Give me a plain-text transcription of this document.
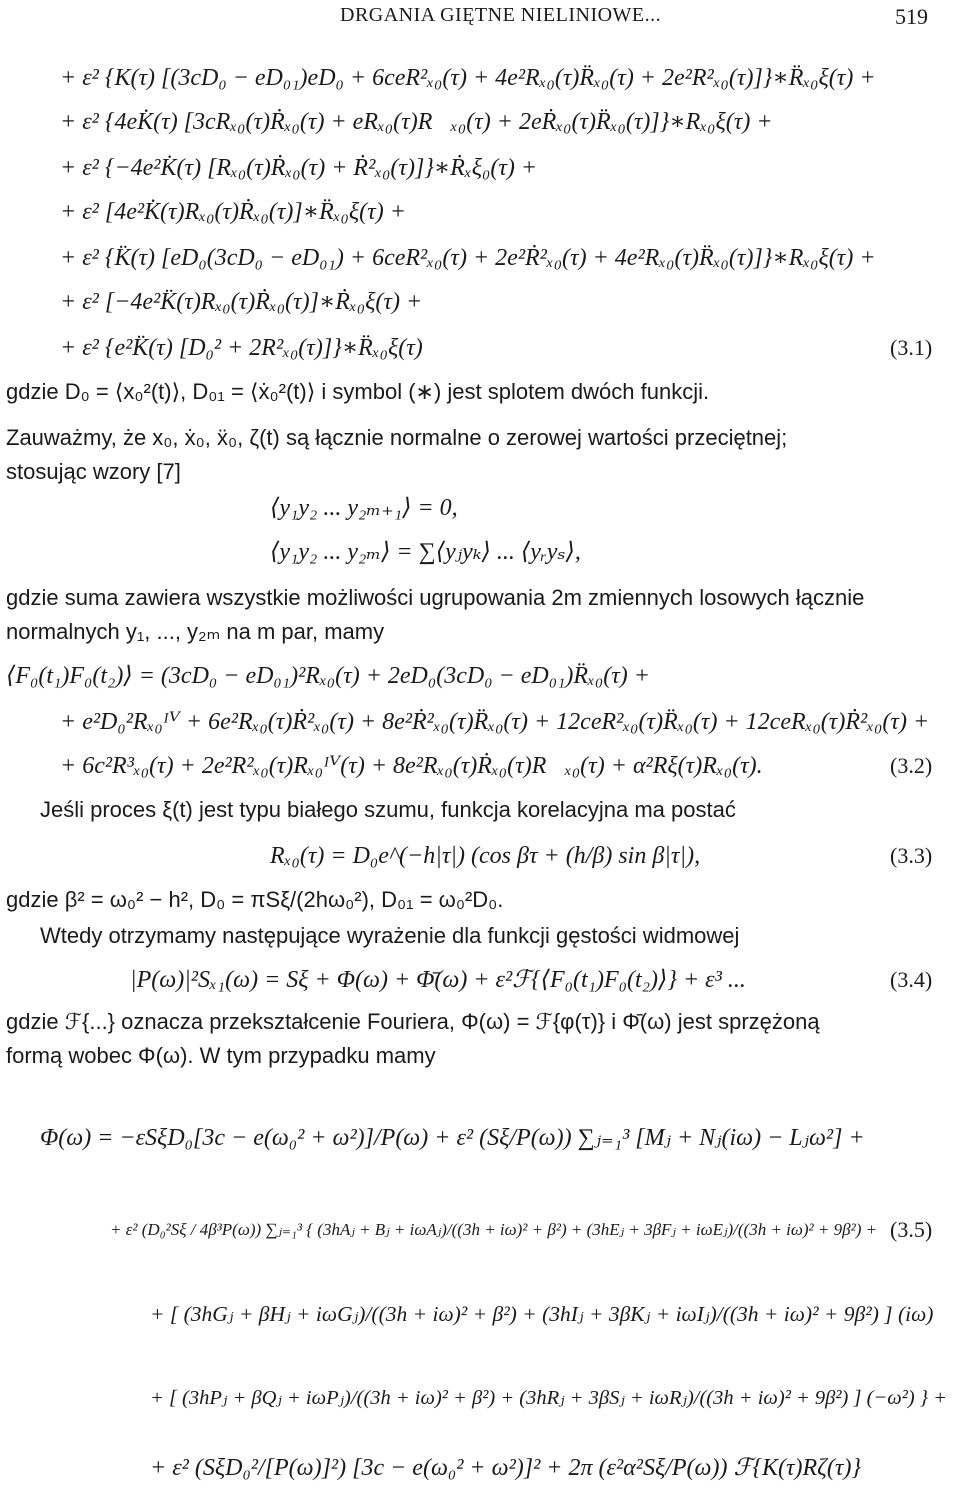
DRGANIA GIĘTNE NIELINIOWE...	519
+ ε² {K(τ) [(3cD₀ − eD₀₁)eD₀ + 6ceR²ₓ₀(τ) + 4e²Rₓ₀(τ)R̈ₓ₀(τ) + 2e²R²ₓ₀(τ)]}∗R̈ₓ₀ξ(τ) +
+ ε² {4eK̇(τ) [3cRₓ₀(τ)Ṙₓ₀(τ) + eRₓ₀(τ)R⃛ₓ₀(τ) + 2eṘₓ₀(τ)R̈ₓ₀(τ)]}∗Rₓ₀ξ(τ) +
+ ε² {−4e²K̇(τ) [Rₓ₀(τ)Ṙₓ₀(τ) + Ṙ²ₓ₀(τ)]}∗Ṙₓξ₀(τ) +
+ ε² [4e²K̇(τ)Rₓ₀(τ)Ṙₓ₀(τ)]∗R̈ₓ₀ξ(τ) +
+ ε² {K̈(τ) [eD₀(3cD₀ − eD₀₁) + 6ceR²ₓ₀(τ) + 2e²Ṙ²ₓ₀(τ) + 4e²Rₓ₀(τ)R̈ₓ₀(τ)]}∗Rₓ₀ξ(τ) +
+ ε² [−4e²K̈(τ)Rₓ₀(τ)Ṙₓ₀(τ)]∗Ṙₓ₀ξ(τ) +
+ ε² {e²K̈(τ) [D₀² + 2R²ₓ₀(τ)]}∗R̈ₓ₀ξ(τ)	(3.1)
gdzie D₀ = ⟨x₀²(t)⟩, D₀₁ = ⟨ẋ₀²(t)⟩ i symbol (∗) jest splotem dwóch funkcji.
Zauważmy, że x₀, ẋ₀, ẍ₀, ζ(t) są łącznie normalne o zerowej wartości przeciętnej;
stosując wzory [7]
⟨y₁y₂ ... y₂ₘ₊₁⟩ = 0,
⟨y₁y₂ ... y₂ₘ⟩ = ∑⟨yⱼyₖ⟩ ... ⟨yᵣyₛ⟩,
gdzie suma zawiera wszystkie możliwości ugrupowania 2m zmiennych losowych łącznie
normalnych y₁, ..., y₂ₘ na m par, mamy
⟨F₀(t₁)F₀(t₂)⟩ = (3cD₀ − eD₀₁)²Rₓ₀(τ) + 2eD₀(3cD₀ − eD₀₁)R̈ₓ₀(τ) +
+ e²D₀²Rₓ₀ᴵⱽ + 6e²Rₓ₀(τ)Ṙ²ₓ₀(τ) + 8e²Ṙ²ₓ₀(τ)R̈ₓ₀(τ) + 12ceR²ₓ₀(τ)R̈ₓ₀(τ) + 12ceRₓ₀(τ)Ṙ²ₓ₀(τ) +
+ 6c²R³ₓ₀(τ) + 2e²R²ₓ₀(τ)Rₓ₀ᴵⱽ(τ) + 8e²Rₓ₀(τ)Ṙₓ₀(τ)R⃛ₓ₀(τ) + α²Rξ(τ)Rₓ₀(τ).	(3.2)
Jeśli proces ξ(t) jest typu białego szumu, funkcja korelacyjna ma postać
Rₓ₀(τ) = D₀e^(−h|τ|) (cos βτ + (h/β) sin β|τ|),	(3.3)
gdzie β² = ω₀² − h², D₀ = πSξ/(2hω₀²), D₀₁ = ω₀²D₀.
Wtedy otrzymamy następujące wyrażenie dla funkcji gęstości widmowej
|P(ω)|²Sₓ₁(ω) = Sξ + Φ(ω) + Φ̄(ω) + ε²ℱ{⟨F₀(t₁)F₀(t₂)⟩} + ε³ ...	(3.4)
gdzie ℱ{...} oznacza przekształcenie Fouriera, Φ(ω) = ℱ{φ(τ)} i Φ̄(ω) jest sprzężoną
formą wobec Φ(ω). W tym przypadku mamy
Φ(ω) = −εSξD₀[3c − e(ω₀² + ω²)]/P(ω) + ε² (Sξ/P(ω)) ∑ⱼ₌₁³ [Mⱼ + Nⱼ(iω) − Lⱼω²] +
+ ε² (D₀²Sξ / 4β³P(ω)) ∑ⱼ₌₁³ { (3hAⱼ + Bⱼ + iωAⱼ)/((3h + iω)² + β²) + (3hEⱼ + 3βFⱼ + iωEⱼ)/((3h + iω)² + 9β²) + (3.5)
+ [ (3hGⱼ + βHⱼ + iωGⱼ)/((3h + iω)² + β²) + (3hIⱼ + 3βKⱼ + iωIⱼ)/((3h + iω)² + 9β²) ] (iω)
+ [ (3hPⱼ + βQⱼ + iωPⱼ)/((3h + iω)² + β²) + (3hRⱼ + 3βSⱼ + iωRⱼ)/((3h + iω)² + 9β²) ] (−ω²) } +
+ ε² (SξD₀²/[P(ω)]²) [3c − e(ω₀² + ω²)]² + 2π (ε²α²Sξ/P(ω)) ℱ{K(τ)Rζ(τ)}
